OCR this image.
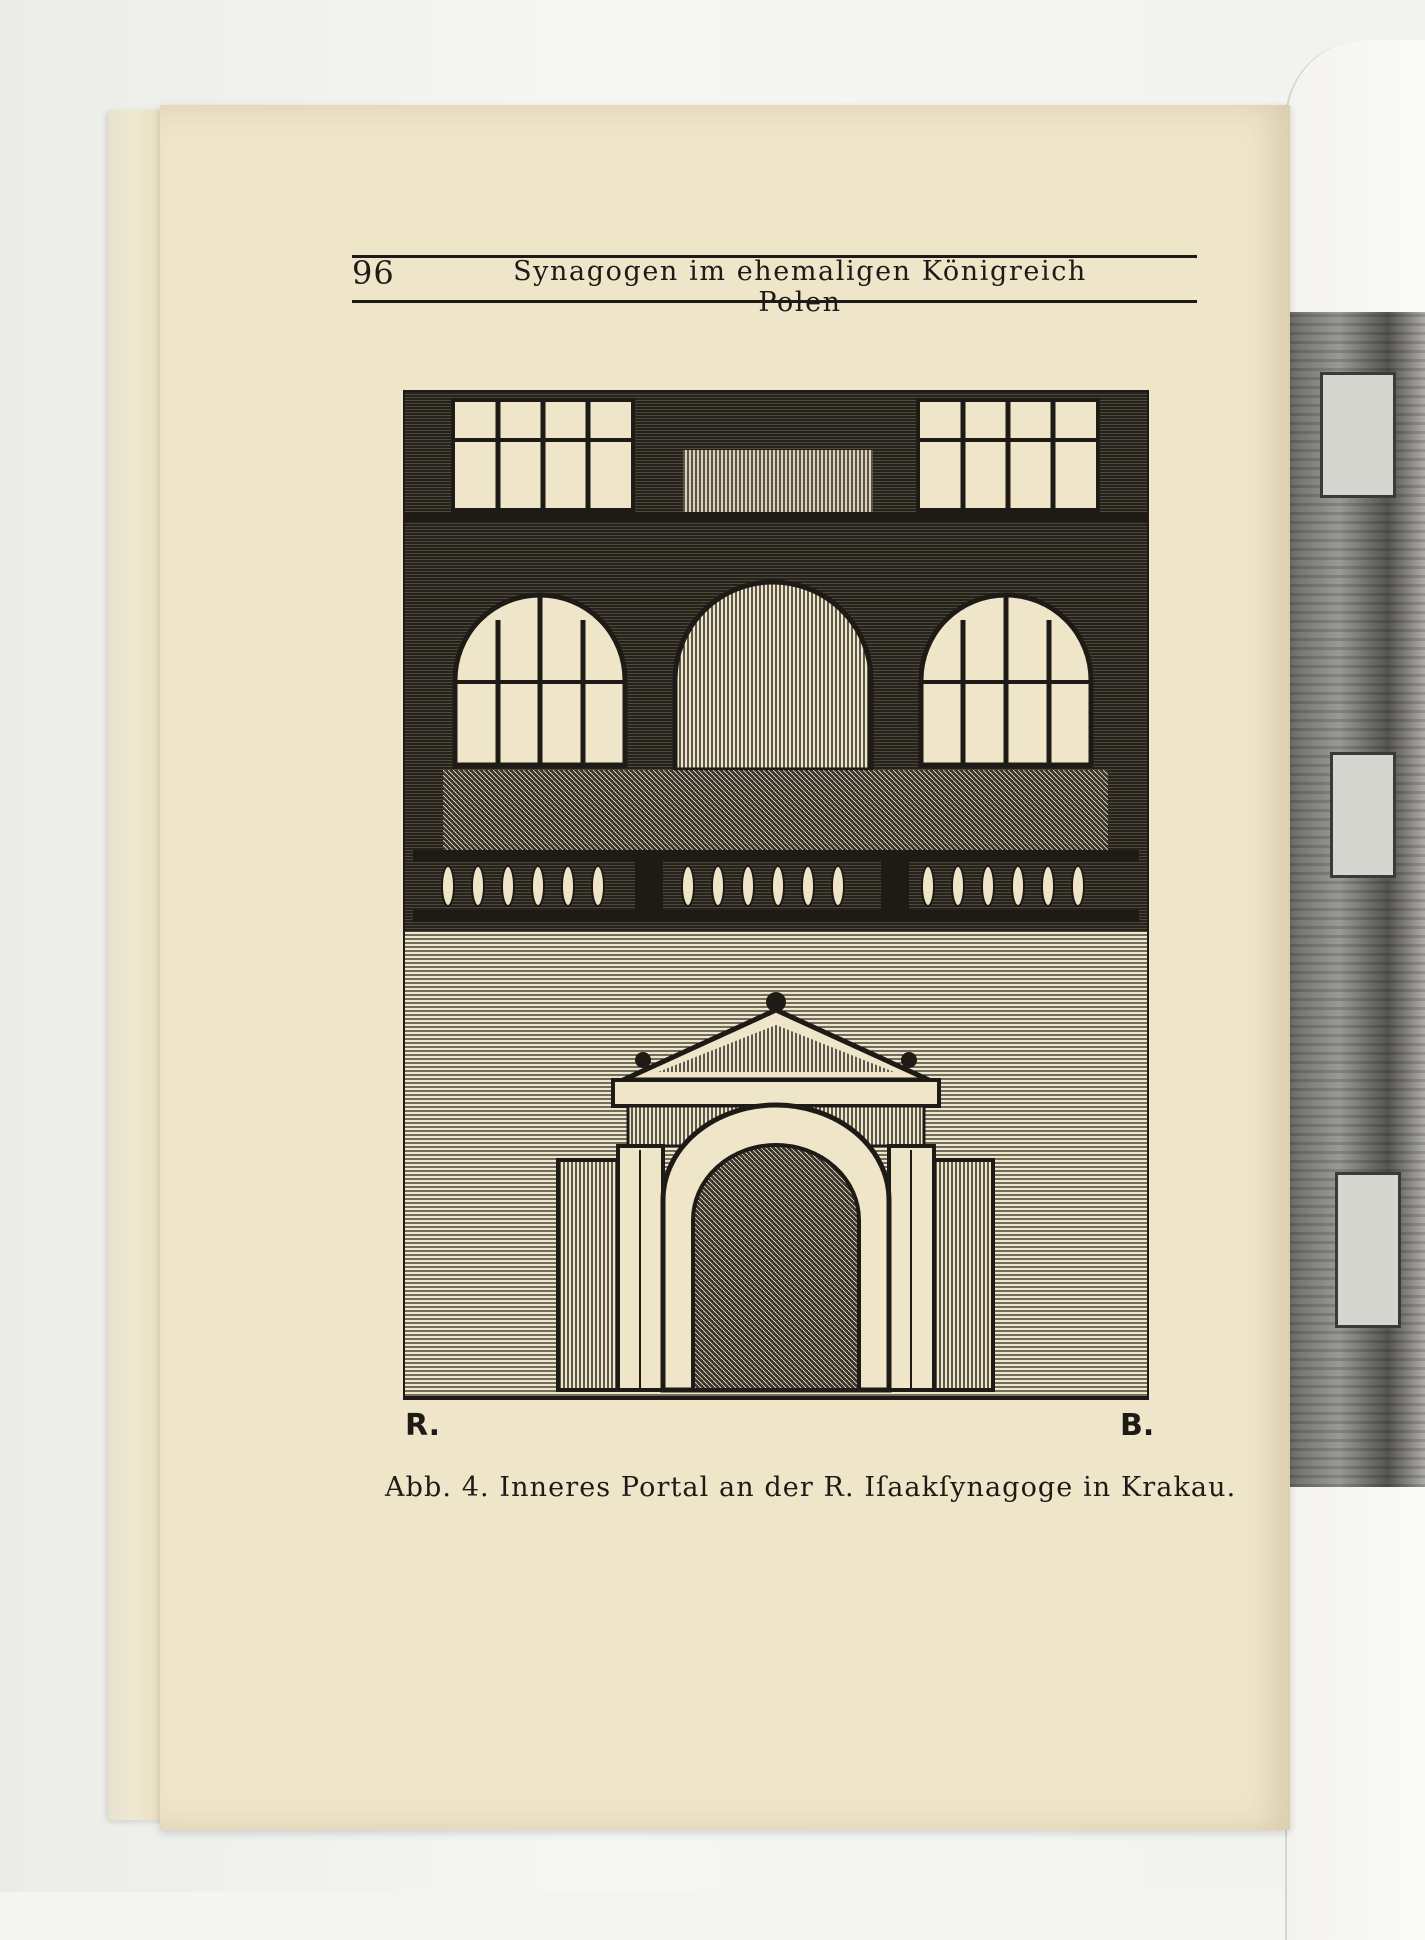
96	Synagogen im ehemaligen Königreich Polen
R.	B.
Abb. 4. Inneres Portal an der R. Iſaakſynagoge in Krakau.
